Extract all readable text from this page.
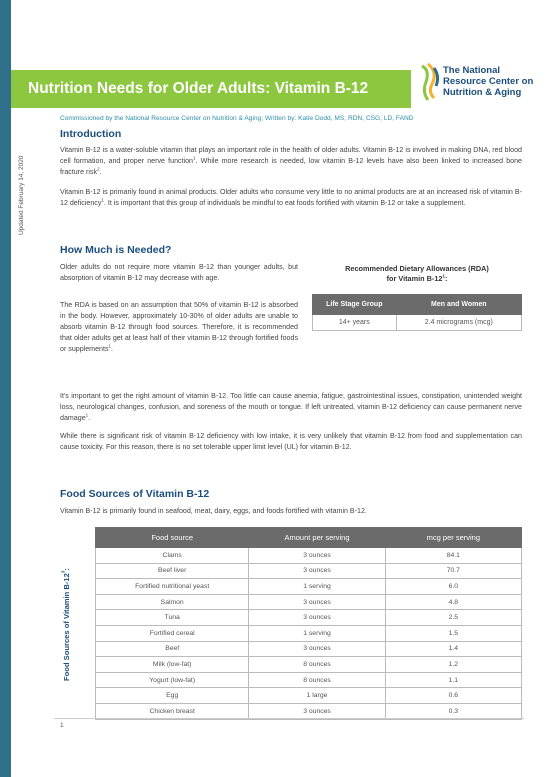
Updated February 14, 2020
Nutrition Needs for Older Adults: Vitamin B-12
The National
Resource Center on
Nutrition & Aging
Commissioned by the National Resource Center on Nutrition & Aging; Written by: Katie Dodd, MS, RDN, CSG, LD, FAND
Introduction
Vitamin B-12 is a water-soluble vitamin that plays an important role in the health of older adults. Vitamin B-12 is involved in making DNA, red blood cell formation, and proper nerve function$^1$. While more research is needed, low vitamin B-12 levels have also been linked to increased bone fracture risk$^2$.
Vitamin B-12 is primarily found in animal products. Older adults who consume very little to no animal products are at an increased risk of vitamin B-12 deficiency$^1$. It is important that this group of individuals be mindful to eat foods fortified with vitamin B-12 or take a supplement.
How Much is Needed?
Older adults do not require more vitamin B-12 than younger adults, but absorption of vitamin B-12 may decrease with age.
The RDA is based on an assumption that 50% of vitamin B-12 is absorbed in the body. However, approximately 10-30% of older adults are unable to absorb vitamin B-12 through food sources. Therefore, it is recommended that older adults get at least half of their vitamin B-12 through fortified foods or supplements$^1$.
It's important to get the right amount of vitamin B-12. Too little can cause anemia, fatigue, gastrointestinal issues, constipation, unintended weight loss, neurological changes, confusion, and soreness of the mouth or tongue. If left untreated, vitamin B-12 deficiency can cause permanent nerve damage$^1$.
While there is significant risk of vitamin B-12 deficiency with low intake, it is very unlikely that vitamin B-12 from food and supplementation can cause toxicity. For this reason, there is no set tolerable upper limit level (UL) for vitamin B-12.
Recommended Dietary Allowances (RDA)
for Vitamin $B-12^1$:
Life Stage Group	Men and Women
14+ years	2.4 micrograms (mcg)
Food Sources of Vitamin B-12
Vitamin B-12 is primarily found in seafood, meat, dairy, eggs, and foods fortified with vitamin B-12.
Food Sources of Vitamin $B-12^3$:
Food source	Amount per serving	mcg per serving
Clams	3 ounces	84.1
Beef liver	3 ounces	70.7
Fortified nutritional yeast	1 serving	6.0
Salmon	3 ounces	4.8
Tuna	3 ounces	2.5
Fortified cereal	1 serving	1.5
Beef	3 ounces	1.4
Milk (low-fat)	8 ounces	1.2
Yogurt (low-fat)	8 ounces	1.1
Egg	1 large	0.6
Chicken breast	3 ounces	0.3
1
